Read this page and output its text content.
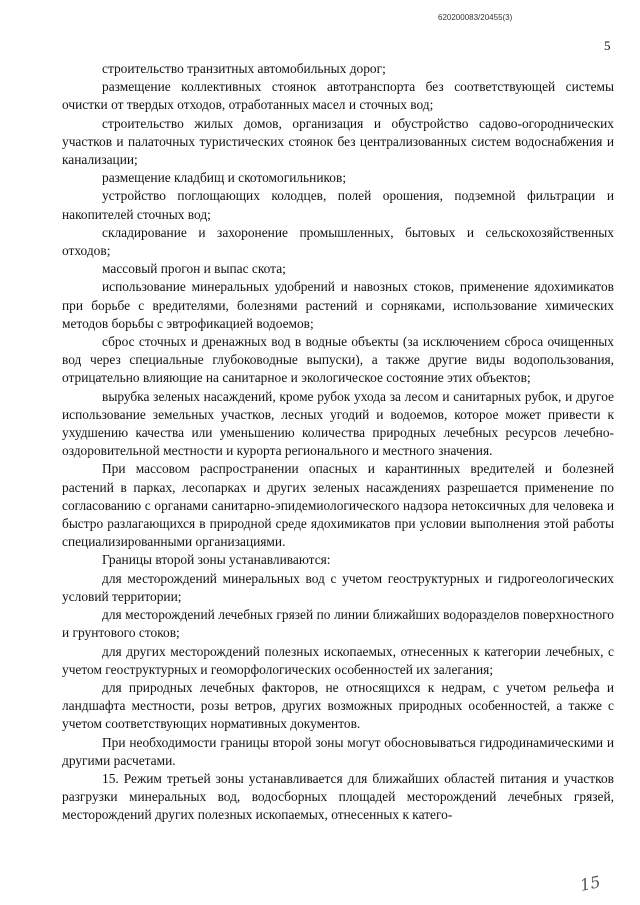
620200083/20455(3)
5

строительство транзитных автомобильных дорог;

размещение коллективных стоянок автотранспорта без соответствующей системы очистки от твердых отходов, отработанных масел и сточных вод;

строительство жилых домов, организация и обустройство садово-огороднических участков и палаточных туристических стоянок без централизованных систем водоснабжения и канализации;

размещение кладбищ и скотомогильников;

устройство поглощающих колодцев, полей орошения, подземной фильтрации и накопителей сточных вод;

складирование и захоронение промышленных, бытовых и сельскохозяйственных отходов;

массовый прогон и выпас скота;

использование минеральных удобрений и навозных стоков, применение ядохимикатов при борьбе с вредителями, болезнями растений и сорняками, использование химических методов борьбы с эвтрофикацией водоемов;

сброс сточных и дренажных вод в водные объекты (за исключением сброса очищенных вод через специальные глубоководные выпуски), а также другие виды водопользования, отрицательно влияющие на санитарное и экологическое состояние этих объектов;

вырубка зеленых насаждений, кроме рубок ухода за лесом и санитарных рубок, и другое использование земельных участков, лесных угодий и водоемов, которое может привести к ухудшению качества или уменьшению количества природных лечебных ресурсов лечебно-оздоровительной местности и курорта регионального и местного значения.

При массовом распространении опасных и карантинных вредителей и болезней растений в парках, лесопарках и других зеленых насаждениях разрешается применение по согласованию с органами санитарно-эпидемиологического надзора нетоксичных для человека и быстро разлагающихся в природной среде ядохимикатов при условии выполнения этой работы специализированными организациями.

Границы второй зоны устанавливаются:

для месторождений минеральных вод с учетом геоструктурных и гидрогеологических условий территории;

для месторождений лечебных грязей по линии ближайших водоразделов поверхностного и грунтового стоков;

для других месторождений полезных ископаемых, отнесенных к категории лечебных, с учетом геоструктурных и геоморфологических особенностей их залегания;

для природных лечебных факторов, не относящихся к недрам, с учетом рельефа и ландшафта местности, розы ветров, других возможных природных особенностей, а также с учетом соответствующих нормативных документов.

При необходимости границы второй зоны могут обосновываться гидродинамическими и другими расчетами.

15. Режим третьей зоны устанавливается для ближайших областей питания и участков разгрузки минеральных вод, водосборных площадей месторождений лечебных грязей, месторождений других полезных ископаемых, отнесенных к катего-

15
